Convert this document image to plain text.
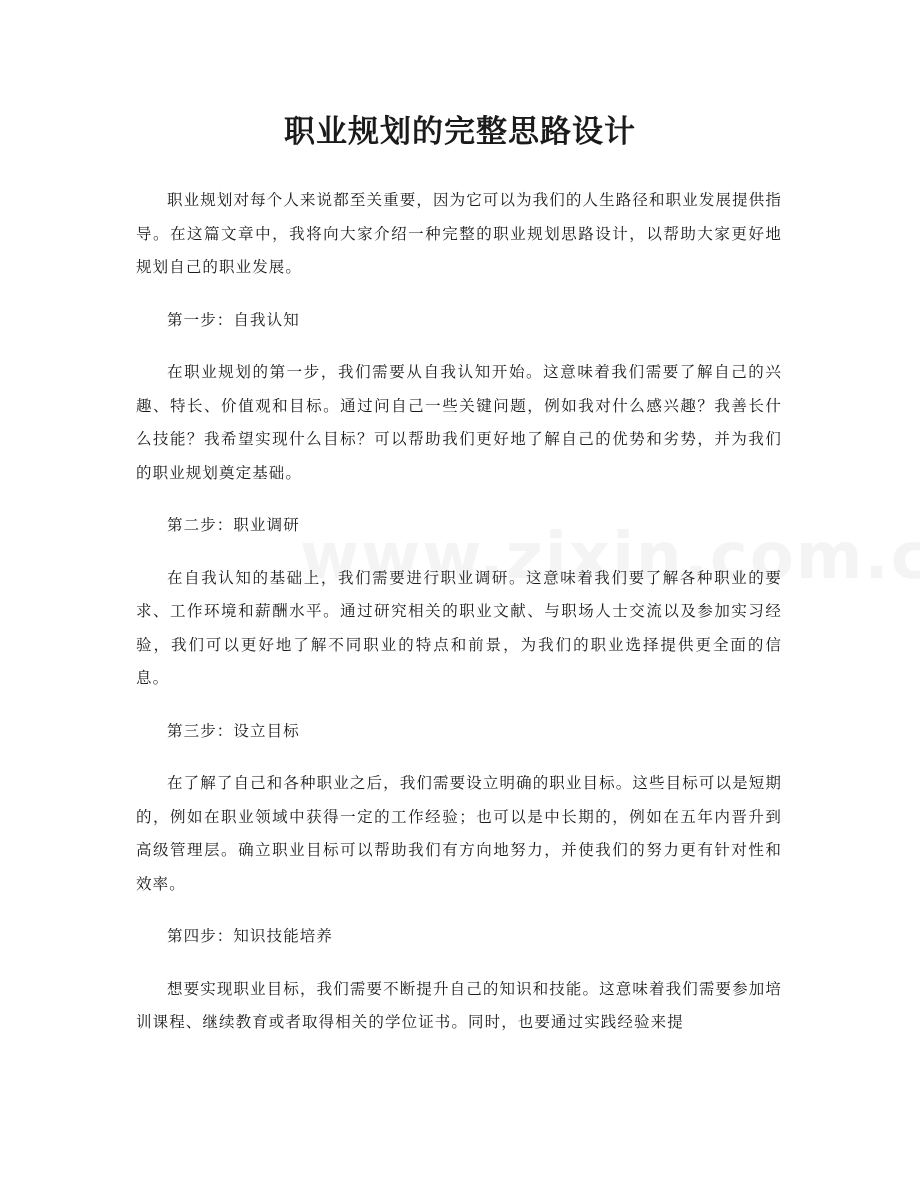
职业规划的完整思路设计

职业规划对每个人来说都至关重要，因为它可以为我们的人生路径和职业发展提供指导。在这篇文章中，我将向大家介绍一种完整的职业规划思路设计，以帮助大家更好地规划自己的职业发展。

第一步：自我认知

在职业规划的第一步，我们需要从自我认知开始。这意味着我们需要了解自己的兴趣、特长、价值观和目标。通过问自己一些关键问题，例如我对什么感兴趣？我善长什么技能？我希望实现什么目标？可以帮助我们更好地了解自己的优势和劣势，并为我们的职业规划奠定基础。

第二步：职业调研

在自我认知的基础上，我们需要进行职业调研。这意味着我们要了解各种职业的要求、工作环境和薪酬水平。通过研究相关的职业文献、与职场人士交流以及参加实习经验，我们可以更好地了解不同职业的特点和前景，为我们的职业选择提供更全面的信息。

第三步：设立目标

在了解了自己和各种职业之后，我们需要设立明确的职业目标。这些目标可以是短期的，例如在职业领域中获得一定的工作经验；也可以是中长期的，例如在五年内晋升到高级管理层。确立职业目标可以帮助我们有方向地努力，并使我们的努力更有针对性和效率。

第四步：知识技能培养

想要实现职业目标，我们需要不断提升自己的知识和技能。这意味着我们需要参加培训课程、继续教育或者取得相关的学位证书。同时，也要通过实践经验来提
